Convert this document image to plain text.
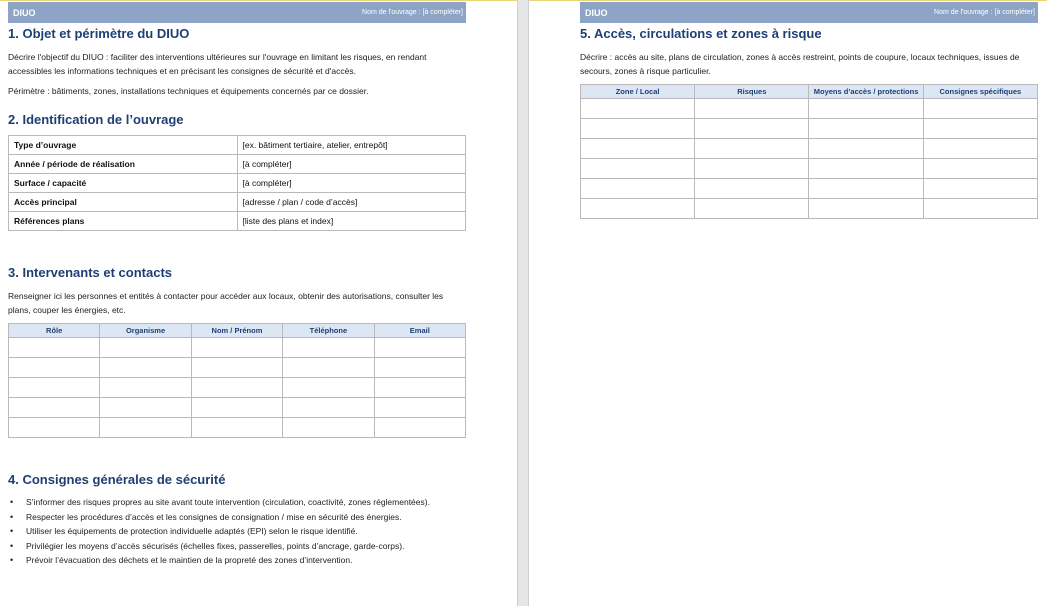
DIUO	Nom de l'ouvrage : [à compléter]
1. Objet et périmètre du DIUO

Décrire l'objectif du DIUO : faciliter des interventions ultérieures sur l'ouvrage en limitant les risques, en rendant accessibles les informations techniques et en précisant les consignes de sécurité et d'accès.

Périmètre : bâtiments, zones, installations techniques et équipements concernés par ce dossier.

2. Identification de l’ouvrage
Type d’ouvrage	[ex. bâtiment tertiaire, atelier, entrepôt]
Année / période de réalisation	[à compléter]
Surface / capacité	[à compléter]
Accès principal	[adresse / plan / code d’accès]
Références plans	[liste des plans et index]
3. Intervenants et contacts

Renseigner ici les personnes et entités à contacter pour accéder aux locaux, obtenir des autorisations, consulter les plans, couper les énergies, etc.

Rôle	Organisme	Nom / Prénom	Téléphone	Email

4. Consignes générales de sécurité
• S’informer des risques propres au site avant toute intervention (circulation, coactivité, zones réglementées).
• Respecter les procédures d’accès et les consignes de consignation / mise en sécurité des énergies.
• Utiliser les équipements de protection individuelle adaptés (EPI) selon le risque identifié.
• Privilégier les moyens d’accès sécurisés (échelles fixes, passerelles, points d’ancrage, garde-corps).
• Prévoir l’évacuation des déchets et le maintien de la propreté des zones d’intervention.
DIUO	Nom de l'ouvrage : [à compléter]
5. Accès, circulations et zones à risque

Décrire : accès au site, plans de circulation, zones à accès restreint, points de coupure, locaux techniques, issues de secours, zones à risque particulier.

Zone / Local	Risques	Moyens d’accès / protections	Consignes spécifiques
